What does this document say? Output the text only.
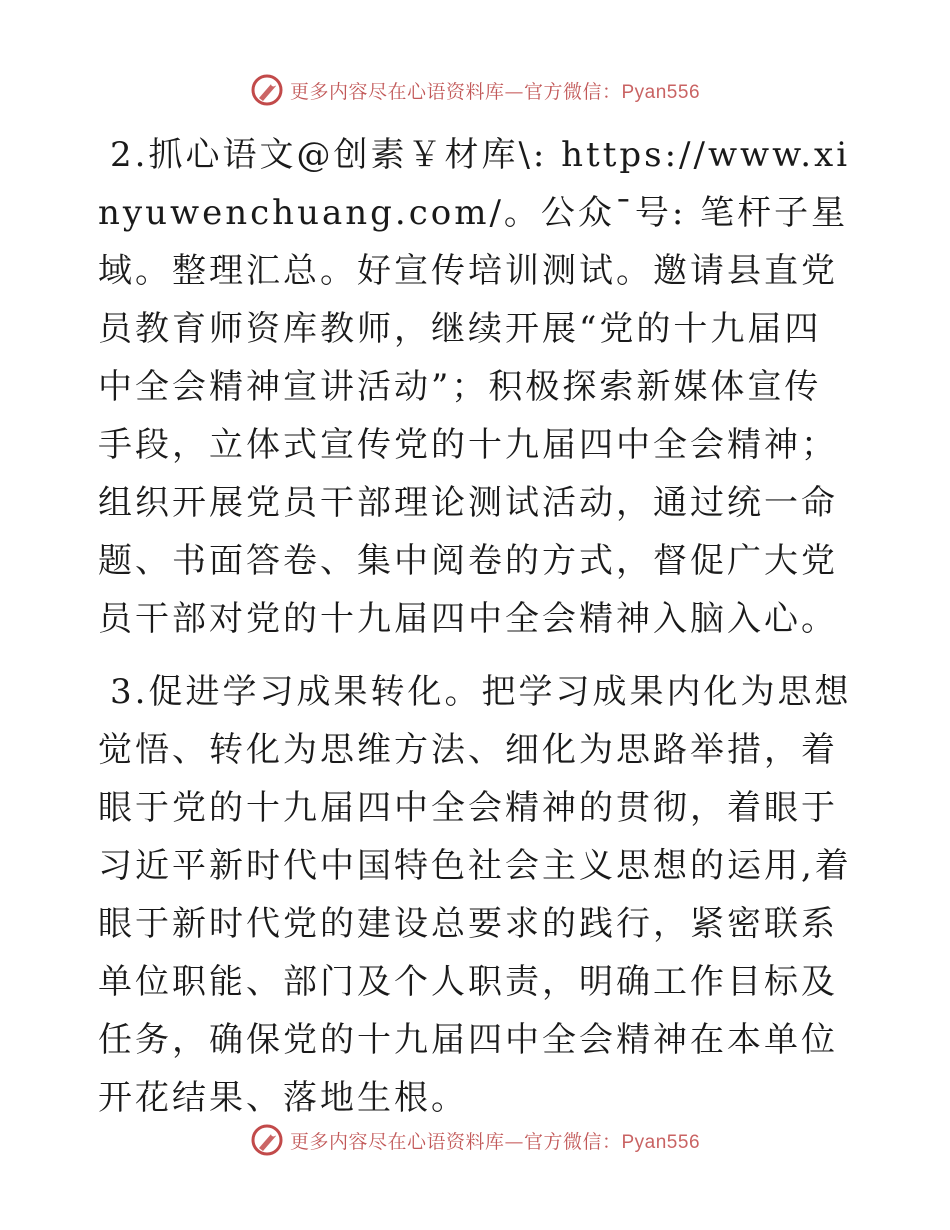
更多内容尽在心语资料库—官方微信：Pyan556

2.抓心语文@创素￥材库\: https://www.xinyuwenchuang.com/。公众¯号: 笔杆子星域。整理汇总。好宣传培训测试。邀请县直党员教育师资库教师，继续开展“党的十九届四中全会精神宣讲活动”；积极探索新媒体宣传手段，立体式宣传党的十九届四中全会精神；组织开展党员干部理论测试活动，通过统一命题、书面答卷、集中阅卷的方式，督促广大党员干部对党的十九届四中全会精神入脑入心。

3.促进学习成果转化。把学习成果内化为思想觉悟、转化为思维方法、细化为思路举措，着眼于党的十九届四中全会精神的贯彻，着眼于习近平新时代中国特色社会主义思想的运用,着眼于新时代党的建设总要求的践行，紧密联系单位职能、部门及个人职责，明确工作目标及任务，确保党的十九届四中全会精神在本单位开花结果、落地生根。

更多内容尽在心语资料库—官方微信：Pyan556
